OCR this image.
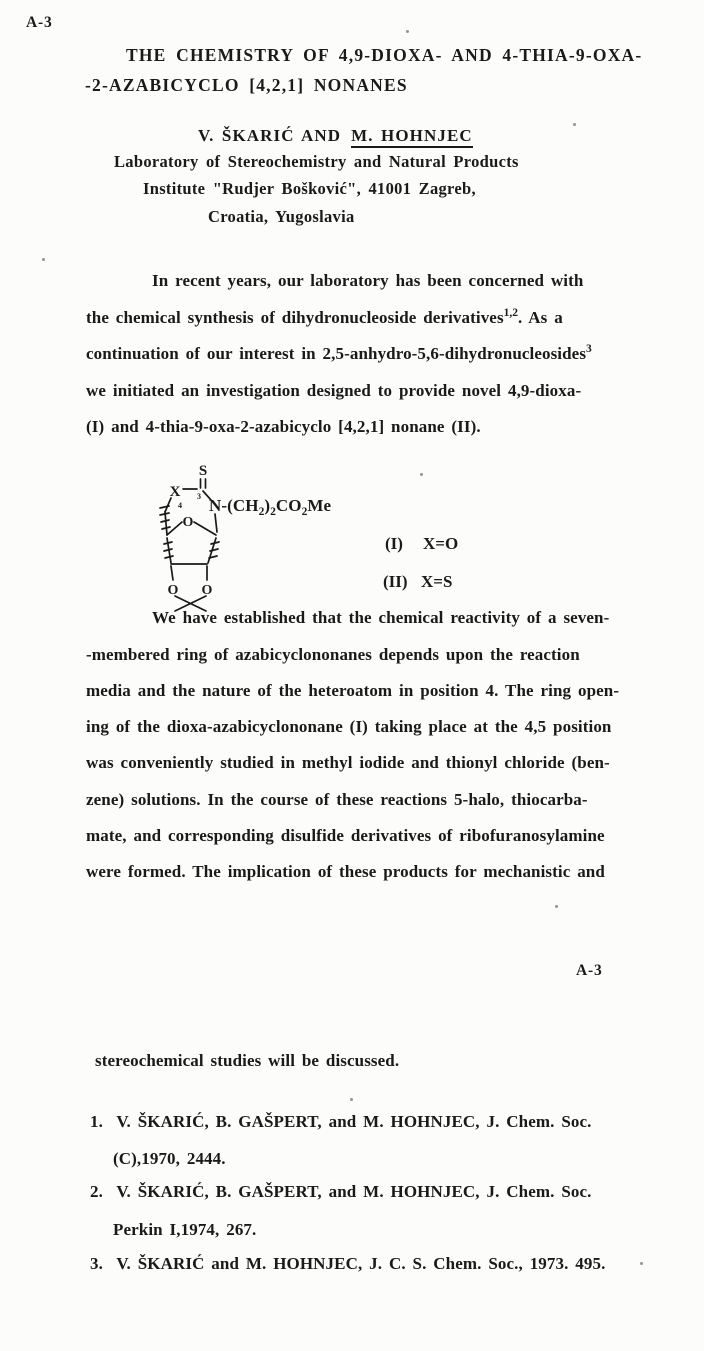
A-3
THE CHEMISTRY OF 4,9-DIOXA- AND 4-THIA-9-OXA-
-2-AZABICYCLO [4,2,1] NONANES
V. ŠKARIĆ AND M. HOHNJEC
Laboratory of Stereochemistry and Natural Products
Institute "Rudjer Bošković", 41001 Zagreb,
Croatia, Yugoslavia
S
X
4
3
O
O O
(I) X=O
(II) X=S
$N-(CH_2)_2CO_2Me$
In recent years, our laboratory has been concerned with
the chemical synthesis of dihydronucleoside derivatives$^{1,2}$. As a
continuation of our interest in 2,5-anhydro-5,6-dihydronucleosides$^3$
we initiated an investigation designed to provide novel 4,9-dioxa-
(I) and 4-thia-9-oxa-2-azabicyclo [4,2,1] nonane (II).
We have established that the chemical reactivity of a seven-
-membered ring of azabicyclononanes depends upon the reaction
media and the nature of the heteroatom in position 4. The ring open-
ing of the dioxa-azabicyclononane (I) taking place at the 4,5 position
was conveniently studied in methyl iodide and thionyl chloride (ben-
zene) solutions. In the course of these reactions 5-halo, thiocarba-
mate, and corresponding disulfide derivatives of ribofuranosylamine
were formed. The implication of these products for mechanistic and
stereochemical studies will be discussed.
1.  V. ŠKARIĆ, B. GAŠPERT, and M. HOHNJEC, J. Chem. Soc.
(C),1970, 2444.
2.  V. ŠKARIĆ, B. GAŠPERT, and M. HOHNJEC, J. Chem. Soc.
Perkin I,1974, 267.
3.  V. ŠKARIĆ and M. HOHNJEC, J. C. S. Chem. Soc., 1973. 495.
A-3
